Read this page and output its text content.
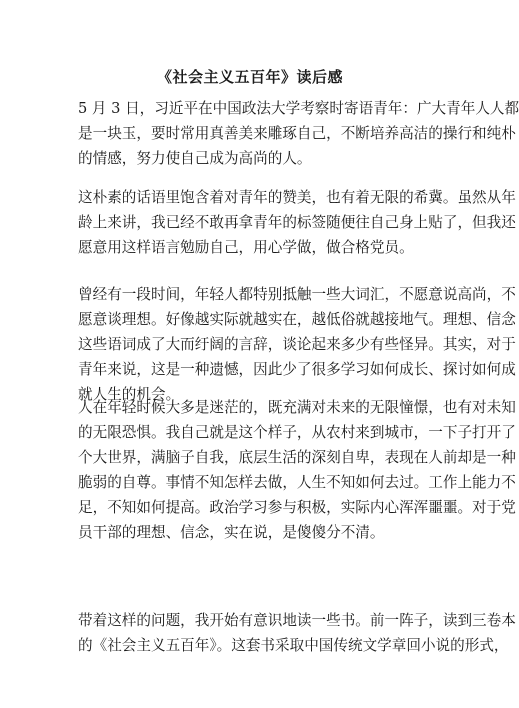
《社会主义五百年》读后感
5 月 3 日，习近平在中国政法大学考察时寄语青年：广大青年人人都
是一块玉，要时常用真善美来雕琢自己，不断培养高洁的操行和纯朴
的情感，努力使自己成为高尚的人。
这朴素的话语里饱含着对青年的赞美，也有着无限的希冀。虽然从年
龄上来讲，我已经不敢再拿青年的标签随便往自己身上贴了，但我还
愿意用这样语言勉励自己，用心学做，做合格党员。
曾经有一段时间，年轻人都特别抵触一些大词汇，不愿意说高尚，不
愿意谈理想。好像越实际就越实在，越低俗就越接地气。理想、信念
这些语词成了大而纡阔的言辞，谈论起来多少有些怪异。其实，对于
青年来说，这是一种遗憾，因此少了很多学习如何成长、探讨如何成
就人生的机会。
人在年轻时候大多是迷茫的，既充满对未来的无限憧憬，也有对未知
的无限恐惧。我自己就是这个样子，从农村来到城市，一下子打开了
个大世界，满脑子自我，底层生活的深刻自卑，表现在人前却是一种
脆弱的自尊。事情不知怎样去做，人生不知如何去过。工作上能力不
足，不知如何提高。政治学习参与积极，实际内心浑浑噩噩。对于党
员干部的理想、信念，实在说，是傻傻分不清。
带着这样的问题，我开始有意识地读一些书。前一阵子，读到三卷本
的《社会主义五百年》。这套书采取中国传统文学章回小说的形式，
